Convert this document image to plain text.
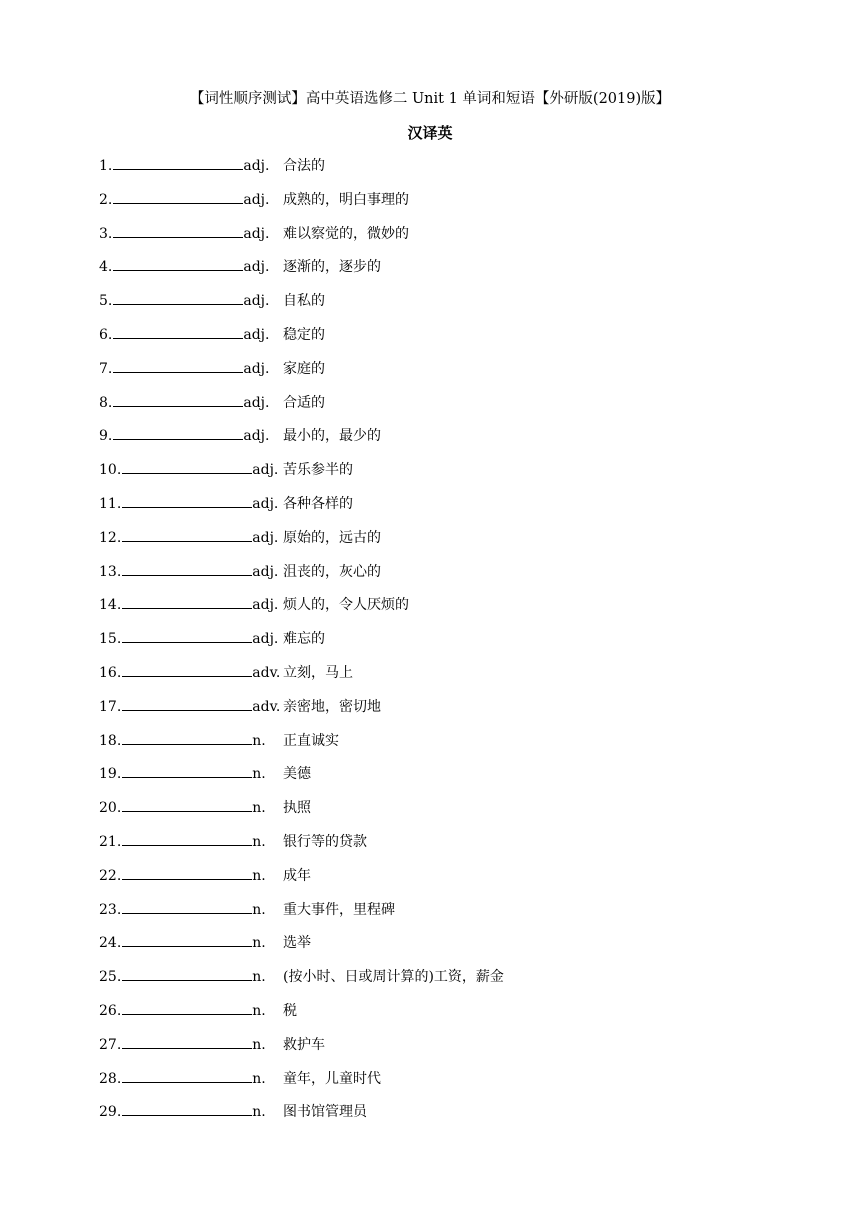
【词性顺序测试】高中英语选修二 Unit 1 单词和短语【外研版(2019)版】
汉译英
1.	adj. 合法的
2.	adj. 成熟的，明白事理的
3.	adj. 难以察觉的，微妙的
4.	adj. 逐渐的，逐步的
5.	adj. 自私的
6.	adj. 稳定的
7.	adj. 家庭的
8.	adj. 合适的
9.	adj. 最小的，最少的
10.	adj. 苦乐参半的
11.	adj. 各种各样的
12.	adj. 原始的，远古的
13.	adj. 沮丧的，灰心的
14.	adj. 烦人的，令人厌烦的
15.	adj. 难忘的
16.	adv. 立刻，马上
17.	adv. 亲密地，密切地
18.	n. 正直诚实
19.	n. 美德
20.	n. 执照
21.	n. 银行等的贷款
22.	n. 成年
23.	n. 重大事件，里程碑
24.	n. 选举
25.	n. (按小时、日或周计算的)工资，薪金
26.	n. 税
27.	n. 救护车
28.	n. 童年，儿童时代
29.	n. 图书馆管理员
